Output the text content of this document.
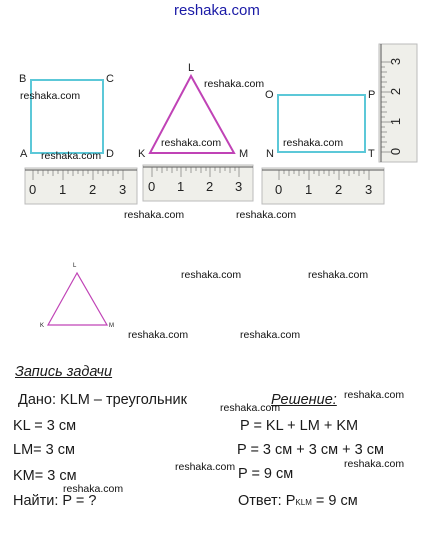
reshaka.com
B	C
A	D
L
K	M
O	P
N	T
L
K	M
0 1 2 3 0 1 2 3	0 1 2 3
0
1
2
3
reshaka.com
reshaka.com
reshaka.com	reshaka.com
reshaka.com
reshaka.com	reshaka.com
reshaka.com	reshaka.com
reshaka.com	reshaka.com
reshaka.com
reshaka.com
reshaka.com	reshaka.com
reshaka.com
Запись задачи
Дано: KLM – треугольник
KL = 3 см
LM= 3 см
KM= 3 см
Найти: P = ?
Решение:
P = KL + LM + KM
P = 3 см + 3 см + 3 см
P = 9 см
Ответ: PKLM = 9 см
